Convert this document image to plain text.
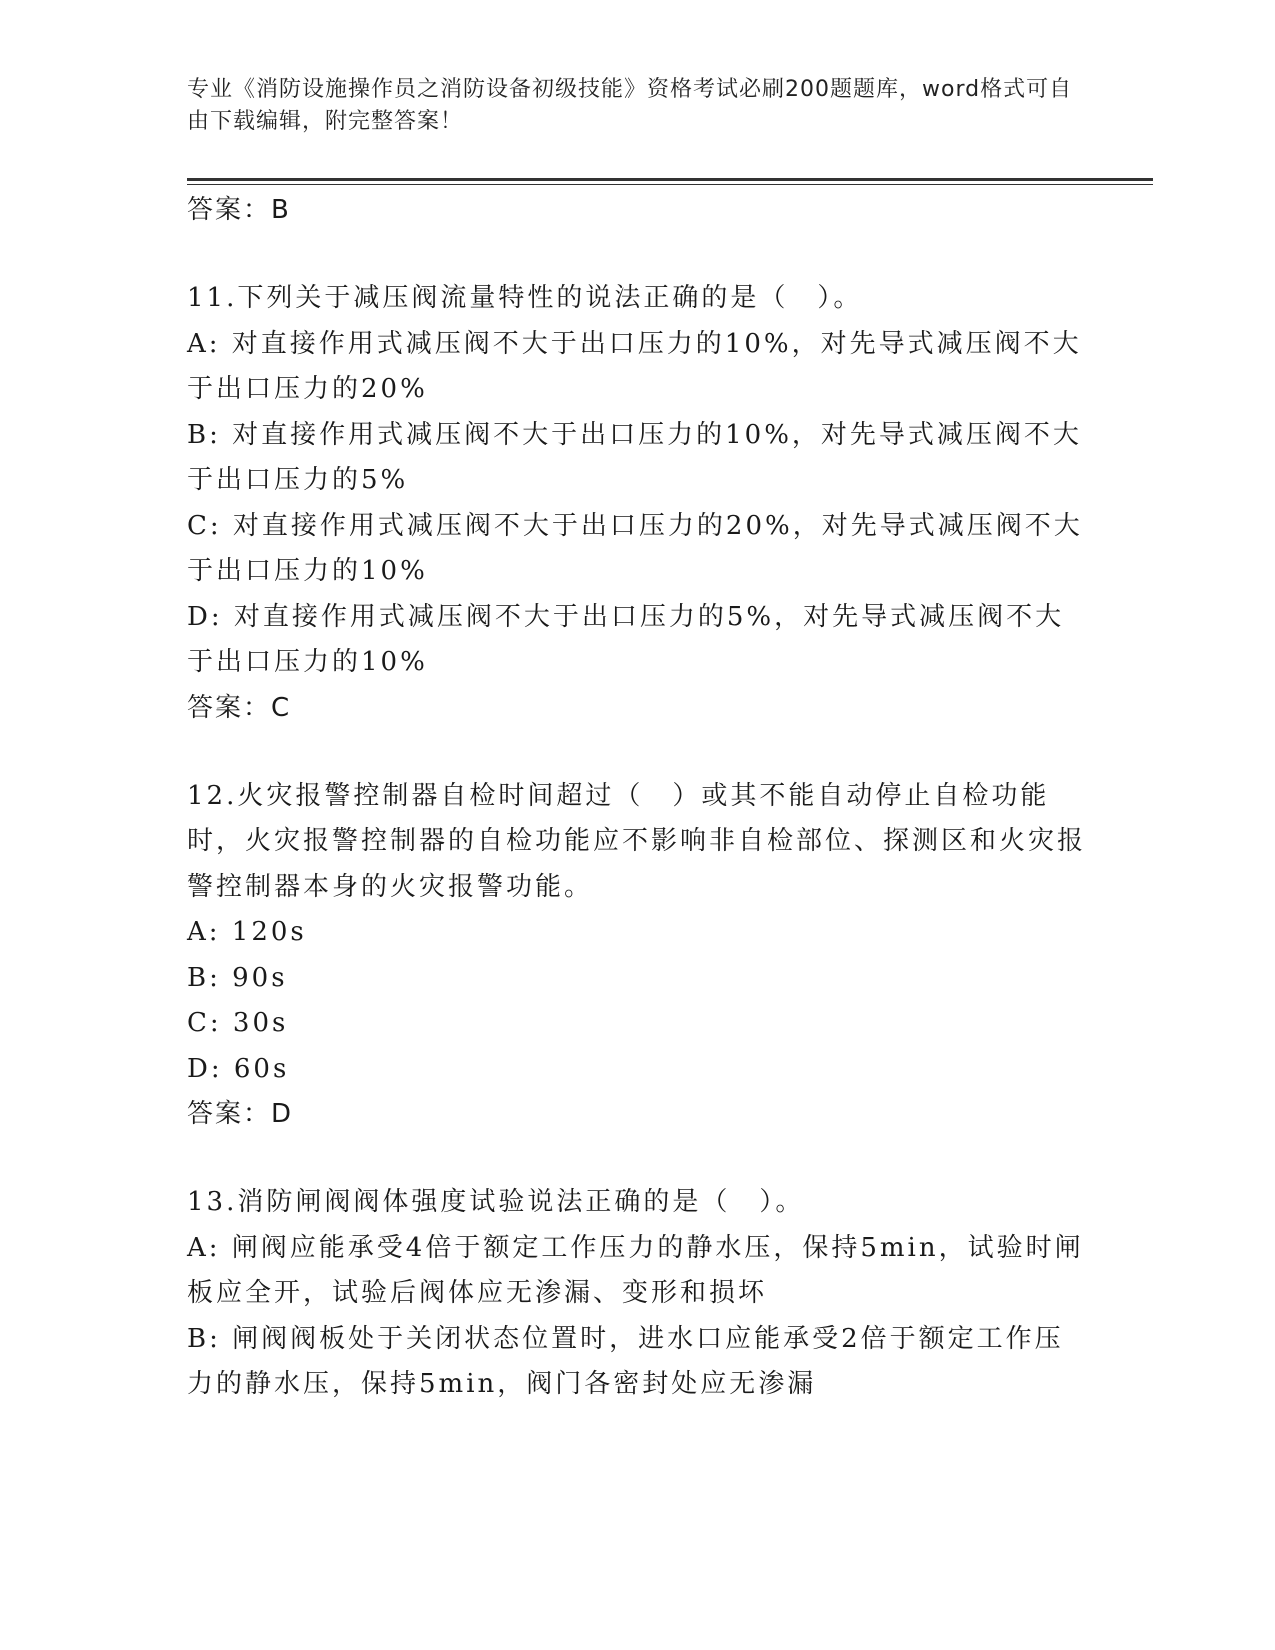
专业《消防设施操作员之消防设备初级技能》资格考试必刷200题题库，word格式可自由下载编辑，附完整答案！
答案：B

11.下列关于减压阀流量特性的说法正确的是（　）。

A: 对直接作用式减压阀不大于出口压力的10%，对先导式减压阀不大于出口压力的20%

B: 对直接作用式减压阀不大于出口压力的10%，对先导式减压阀不大于出口压力的5%

C: 对直接作用式减压阀不大于出口压力的20%，对先导式减压阀不大于出口压力的10%

D: 对直接作用式减压阀不大于出口压力的5%，对先导式减压阀不大于出口压力的10%

答案：C

12.火灾报警控制器自检时间超过（　）或其不能自动停止自检功能时，火灾报警控制器的自检功能应不影响非自检部位、探测区和火灾报警控制器本身的火灾报警功能。

A: 120s

B: 90s

C: 30s

D: 60s

答案：D

13.消防闸阀阀体强度试验说法正确的是（　）。

A: 闸阀应能承受4倍于额定工作压力的静水压，保持5min，试验时闸板应全开，试验后阀体应无渗漏、变形和损坏

B: 闸阀阀板处于关闭状态位置时，进水口应能承受2倍于额定工作压力的静水压，保持5min，阀门各密封处应无渗漏
